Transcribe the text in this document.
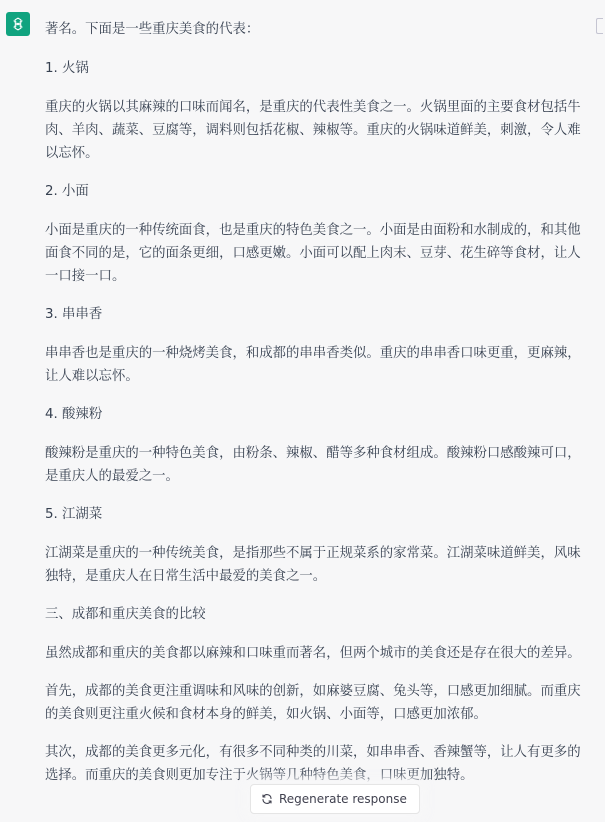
著名。下面是一些重庆美食的代表：

1. 火锅

重庆的火锅以其麻辣的口味而闻名，是重庆的代表性美食之一。火锅里面的主要食材包括牛肉、羊肉、蔬菜、豆腐等，调料则包括花椒、辣椒等。重庆的火锅味道鲜美，刺激，令人难以忘怀。

2. 小面

小面是重庆的一种传统面食，也是重庆的特色美食之一。小面是由面粉和水制成的，和其他面食不同的是，它的面条更细，口感更嫩。小面可以配上肉末、豆芽、花生碎等食材，让人一口接一口。

3. 串串香

串串香也是重庆的一种烧烤美食，和成都的串串香类似。重庆的串串香口味更重，更麻辣，让人难以忘怀。

4. 酸辣粉

酸辣粉是重庆的一种特色美食，由粉条、辣椒、醋等多种食材组成。酸辣粉口感酸辣可口，是重庆人的最爱之一。

5. 江湖菜

江湖菜是重庆的一种传统美食，是指那些不属于正规菜系的家常菜。江湖菜味道鲜美，风味独特，是重庆人在日常生活中最爱的美食之一。

三、成都和重庆美食的比较

虽然成都和重庆的美食都以麻辣和口味重而著名，但两个城市的美食还是存在很大的差异。

首先，成都的美食更注重调味和风味的创新，如麻婆豆腐、兔头等，口感更加细腻。而重庆的美食则更注重火候和食材本身的鲜美，如火锅、小面等，口感更加浓郁。

其次，成都的美食更多元化，有很多不同种类的川菜，如串串香、香辣蟹等，让人有更多的选择。而重庆的美食则更加专注于火锅等几种特色美食，口味更加独特。

Regenerate response
